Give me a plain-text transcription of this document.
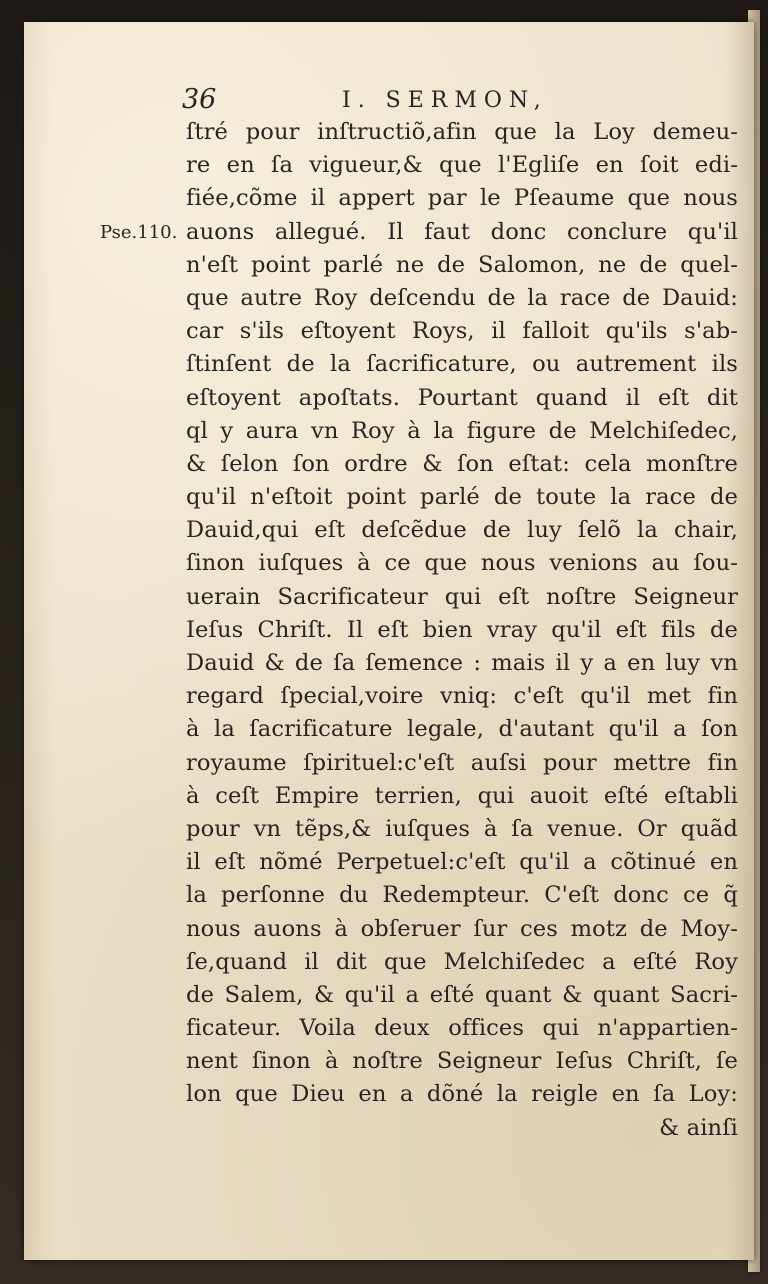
36	I. SERMON,
Pse.110.
ſtré pour inſtructiõ,afin que la Loy demeu-
re en ſa vigueur,& que l'Egliſe en ſoit edi-
fiée,cõme il appert par le Pſeaume que nous
auons allegué. Il faut donc conclure qu'il
n'eſt point parlé ne de Salomon, ne de quel-
que autre Roy deſcendu de la race de Dauid:
car s'ils eſtoyent Roys, il falloit qu'ils s'ab-
ſtinſent de la ſacrificature, ou autrement ils
eſtoyent apoſtats. Pourtant quand il eſt dit
ql y aura vn Roy à la figure de Melchiſedec,
& ſelon ſon ordre & ſon eſtat: cela monſtre
qu'il n'eſtoit point parlé de toute la race de
Dauid,qui eſt deſcẽdue de luy ſelõ la chair,
ſinon iuſques à ce que nous venions au ſou-
uerain Sacrificateur qui eſt noſtre Seigneur
Ieſus Chriſt. Il eſt bien vray qu'il eſt fils de
Dauid & de ſa ſemence : mais il y a en luy vn
regard ſpecial,voire vniq: c'eſt qu'il met fin
à la ſacrificature legale, d'autant qu'il a ſon
royaume ſpirituel:c'eſt auſsi pour mettre fin
à ceſt Empire terrien, qui auoit eſté eſtabli
pour vn tẽps,& iuſques à ſa venue. Or quãd
il eſt nõmé Perpetuel:c'eſt qu'il a cõtinué en
la perſonne du Redempteur. C'eſt donc ce q̃
nous auons à obſeruer ſur ces motz de Moy-
ſe,quand il dit que Melchiſedec a eſté Roy
de Salem, & qu'il a eſté quant & quant Sacri-
ficateur. Voila deux offices qui n'appartien-
nent ſinon à noſtre Seigneur Ieſus Chriſt, ſe
lon que Dieu en a dõné la reigle en ſa Loy:
& ainſi
